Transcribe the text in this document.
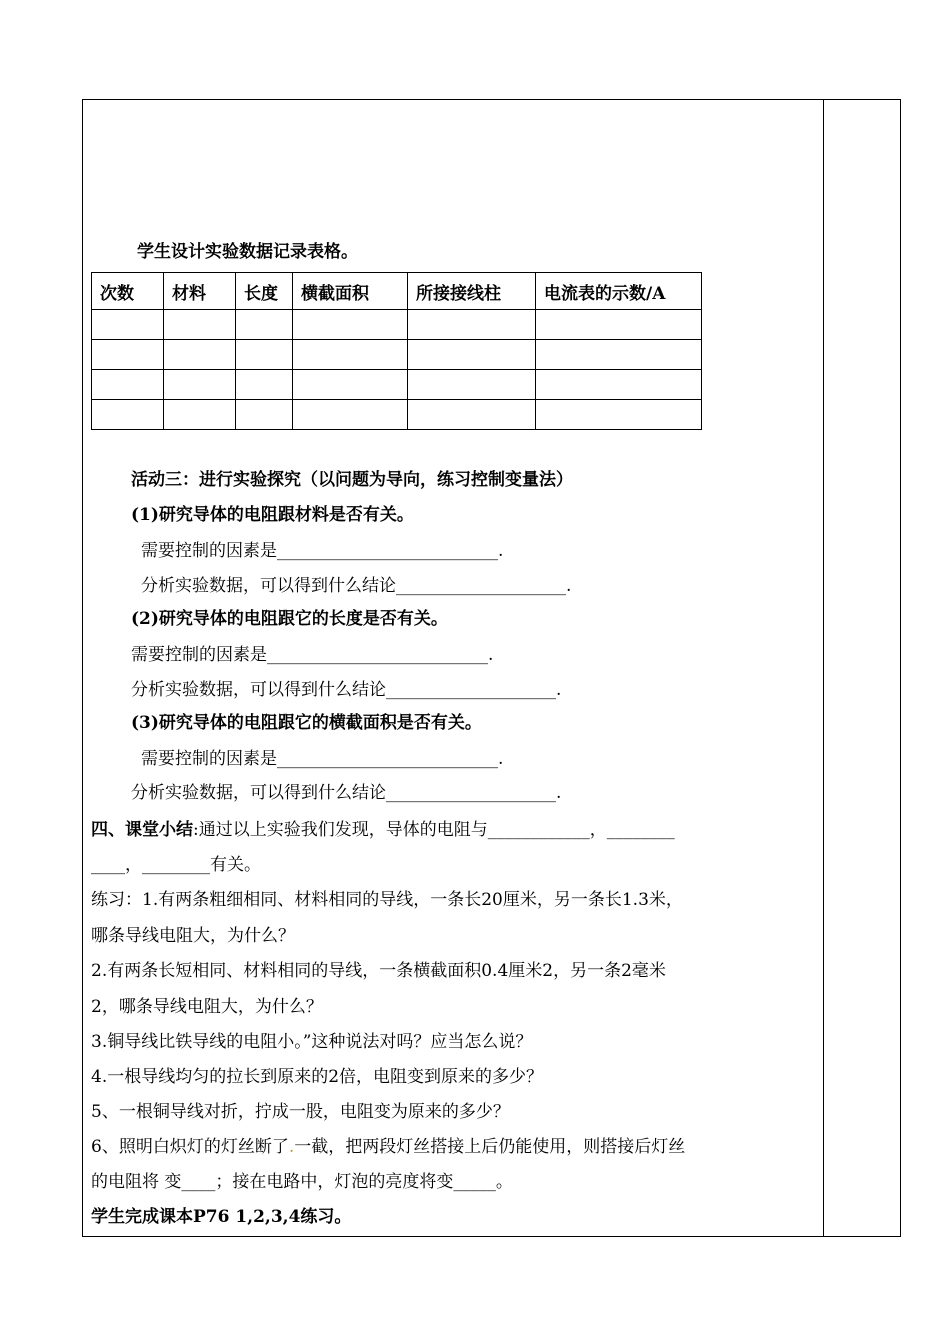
学生设计实验数据记录表格。
次数	材料	长度	横截面积	所接接线柱	电流表的示数/A

活动三：进行实验探究（以问题为导向，练习控制变量法）
(1)研究导体的电阻跟材料是否有关。
需要控制的因素是__________________________.
分析实验数据，可以得到什么结论____________________.
(2)研究导体的电阻跟它的长度是否有关。
需要控制的因素是__________________________.
分析实验数据，可以得到什么结论____________________.
(3)研究导体的电阻跟它的横截面积是否有关。
需要控制的因素是__________________________.
分析实验数据，可以得到什么结论____________________.
四、课堂小结:通过以上实验我们发现，导体的电阻与____________，________
____，________有关。
练习：1.有两条粗细相同、材料相同的导线，一条长20厘米，另一条长1.3米，
哪条导线电阻大，为什么？
2.有两条长短相同、材料相同的导线，一条横截面积0.4厘米2，另一条2毫米
2，哪条导线电阻大，为什么？
3.铜导线比铁导线的电阻小。”这种说法对吗？应当怎么说？
4.一根导线均匀的拉长到原来的2倍，电阻变到原来的多少？
5、一根铜导线对折，拧成一股，电阻变为原来的多少？
6、照明白炽灯的灯丝断了.一截，把两段灯丝搭接上后仍能使用，则搭接后灯丝
的电阻将 变____；接在电路中，灯泡的亮度将变_____。
学生完成课本P76 1,2,3,4练习。
